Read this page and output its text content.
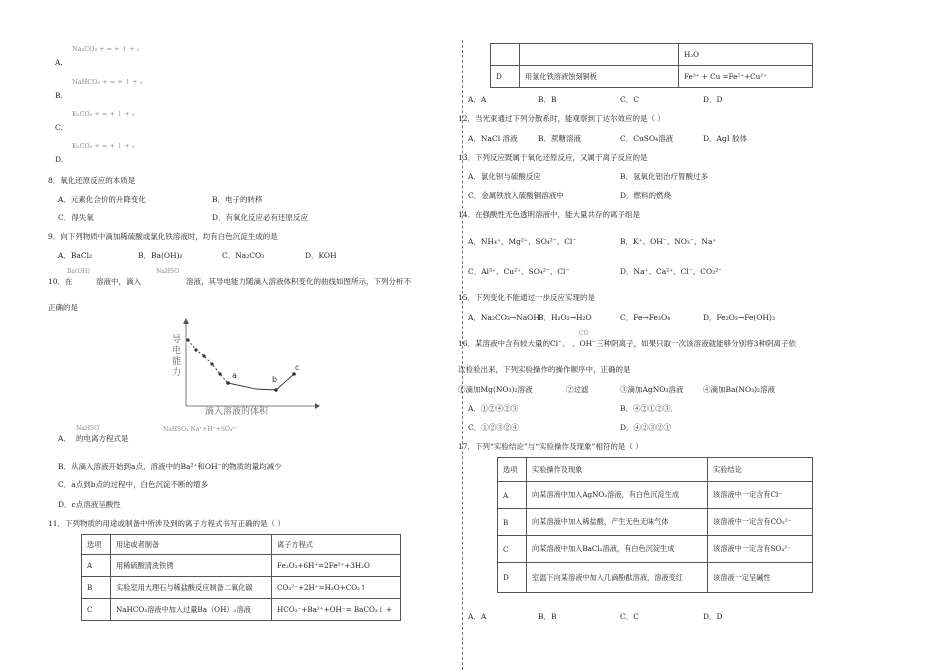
A.
Na₂CO₃ + = + ↑ + ₂
B.
NaHCO₃ + = + ↑ + ₂
C.
K₂CO₃ + = + ↑ + ₂
D.
K₂CO₃ + = + ↑ + ₂
8．氧化还原反应的本质是
A．元素化合价的升降变化	B．电子的转移
C．得失氧	D．有氧化反应必有还原反应
9．向下列物质中滴加稀硫酸或氯化铁溶液时，均有白色沉淀生成的是
A．BaCl₂	B．Ba(OH)₂	C．Na₂CO₃	D．KOH
10．在
Ba(OH)
溶液中，滴入
NaHSO
溶液，其导电能力随滴入溶液体积变化的曲线如图所示，下列分析不
正确的是
a	b
c
导电能力
滴入溶液的体积
A．
NaHSO
的电离方程式是
NaHSO₄ Na⁺+H⁺+SO₄²⁻
B．从滴入溶液开始到a点，溶液中的Ba²⁺和OH⁻的物质的量均减少
C．a点到b点的过程中，白色沉淀不断的增多
D．c点溶液呈酸性
11．下列物质的用途或制备中所涉及到的离子方程式书写正确的是（ ）
选项	用途或者制备	离子方程式
A	用稀硫酸清洗铁锈	Fe₂O₃+6H⁺=2Fe²⁺+3H₂O
B	实验室用大理石与稀盐酸反应制备二氧化碳	CO₃²⁻+2H⁺=H₂O+CO₂↑
C	NaHCO₃溶液中加入过量Ba（OH）₂溶液	HCO₃⁻+Ba²⁺+OH⁻= BaCO₃↓ +
		H₂O
D	用氯化铁溶液蚀刻铜板	Fe³⁺ + Cu =Fe²⁺+Cu²⁺
A．A	B．B	C．C	D．D
12．当光束通过下列分散系时，能观察到丁达尔效应的是（ ）
A．NaCl 溶液	B．蔗糖溶液	C．CuSO₄溶液	D．AgI 胶体
13．下列反应既属于氧化还原反应，又属于离子反应的是
A．氯化钡与硫酸反应	B．氢氧化铝治疗胃酸过多
C．金属铁放入硫酸铜溶液中	D．燃料的燃烧
14．在强酸性无色透明溶液中，能大量共存的离子组是
A．NH₄⁺、Mg²⁺、SO₄²⁻、Cl⁻	B．K⁺、OH⁻、NO₃⁻、Na⁺
C．Al³⁺、Cu²⁺、SO₄²⁻、Cl⁻	D．Na⁺、Ca²⁺、Cl⁻、CO₃²⁻
15．下列变化不能通过一步反应实现的是
A．Na₂CO₃→NaOH
B．H₂O₂→H₂O	C．Fe→Fe₃O₄	D．Fe₂O₃→Fe(OH)₃
CO
16．某溶液中含有较大量的Cl⁻、 、OH⁻三种阴离子，如果只取一次该溶液就能够分别将3种阴离子依
次检验出来，下列实验操作的操作顺序中，正确的是
①滴加Mg(NO₃)₂溶液	②过滤	③滴加AgNO₃溶液	④滴加Ba(NO₃)₂溶液
A．①②④②③	B．④②①②③．
C．①②③②④	D．④②③②①
17．下列“实验结论”与“实验操作及现象”相符的是（ ）
选项	实验操作及现象	实验结论
A	向某溶液中加入AgNO₃溶液，有白色沉淀生成	该溶液中一定含有Cl⁻
B	向某溶液中加入稀盐酸，产生无色无味气体	该溶液中一定含有CO₃²⁻
C	向某溶液中加入BaCl₂溶液，有白色沉淀生成	该溶液中一定含有SO₄²⁻
D	室温下向某溶液中加入几滴酚酞溶液，溶液变红	该溶液一定呈碱性
A．A	B．B	C．C	D．D
